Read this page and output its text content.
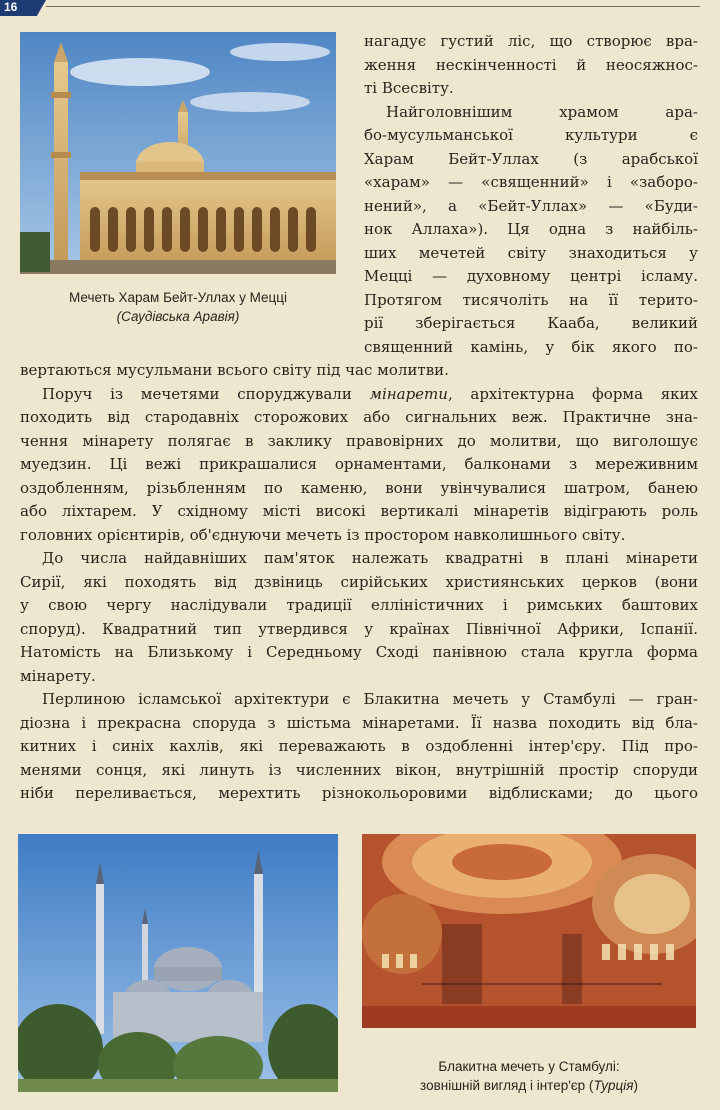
16
Мечеть Харам Бейт-Уллах у Мецці
(Саудівська Аравія)
нагадує густий ліс, що створює вра-
ження нескінченності й неосяжнос-
ті Всесвіту.
Найголовнішим храмом ара-
бо-мусульманської культури є
Харам Бейт-Уллах (з арабської
«харам» — «священний» і «заборо-
нений», а «Бейт-Уллах» — «Буди-
нок Аллаха»). Ця одна з найбіль-
ших мечетей світу знаходиться у
Мецці — духовному центрі ісламу.
Протягом тисячоліть на її терито-
рії зберігається Кааба, великий
священний камінь, у бік якого по-
вертаються мусульмани всього світу під час молитви.
Поруч із мечетями споруджували мінарети, архітектурна форма яких
походить від стародавніх сторожових або сигнальних веж. Практичне зна-
чення мінарету полягає в заклику правовірних до молитви, що виголошує
муедзин. Ці вежі прикрашалися орнаментами, балконами з мереживним
оздобленням, різьбленням по каменю, вони увінчувалися шатром, банею
або ліхтарем. У східному місті високі вертикалі мінаретів відіграють роль
головних орієнтирів, об'єднуючи мечеть із простором навколишнього світу.
До числа найдавніших пам'яток належать квадратні в плані мінарети
Сирії, які походять від дзвіниць сирійських християнських церков (вони
у свою чергу наслідували традиції елліністичних і римських баштових
споруд). Квадратний тип утвердився у країнах Північної Африки, Іспанії.
Натомість на Близькому і Середньому Сході панівною стала кругла форма
мінарету.
Перлиною ісламської архітектури є Блакитна мечеть у Стамбулі — гран-
діозна і прекрасна споруда з шістьма мінаретами. Її назва походить від бла-
китних і синіх кахлів, які переважають в оздобленні інтер'єру. Під про-
менями сонця, які линуть із численних вікон, внутрішній простір споруди
ніби переливається, мерехтить різнокольоровими відблисками; до цього
Блакитна мечеть у Стамбулі:
зовнішній вигляд і інтер'єр (Турція)
